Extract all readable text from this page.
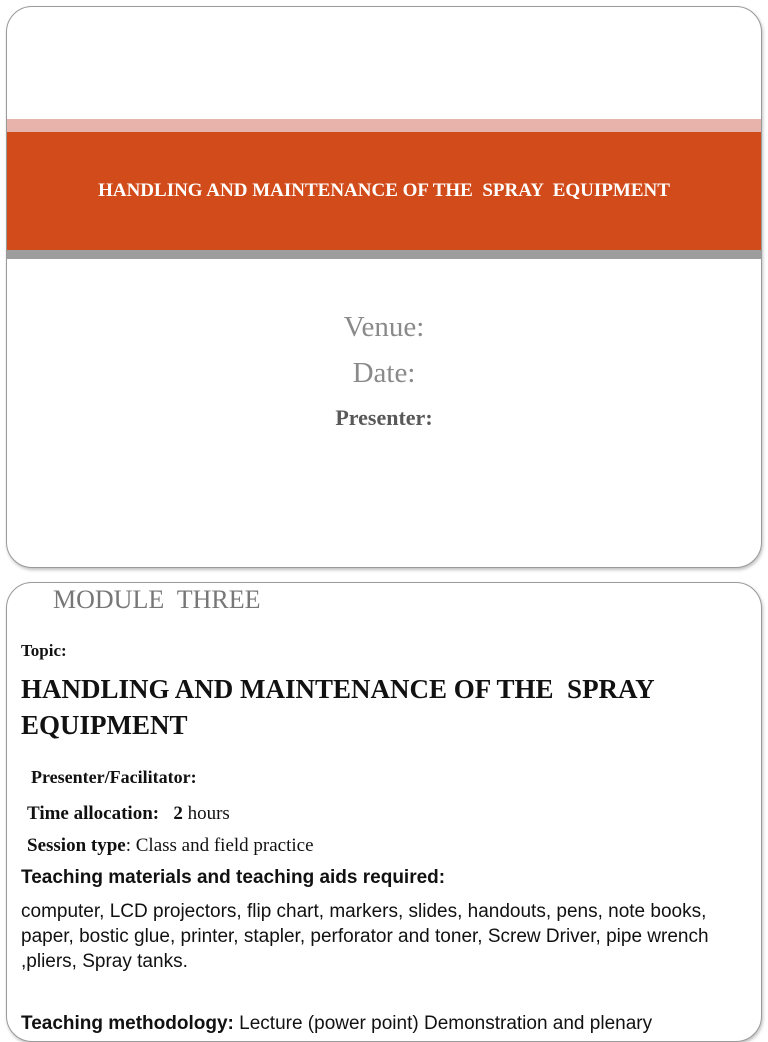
HANDLING AND MAINTENANCE OF THE  SPRAY  EQUIPMENT
Venue:
Date:
Presenter:
MODULE  THREE
Topic:
HANDLING AND MAINTENANCE OF THE  SPRAY EQUIPMENT
Presenter/Facilitator:
Time allocation: 2 hours
Session type: Class and field practice
Teaching materials and teaching aids required:
computer, LCD projectors, flip chart, markers, slides, handouts, pens, note books, paper, bostic glue, printer, stapler, perforator and toner, Screw Driver, pipe wrench ,pliers, Spray tanks.
Teaching methodology: Lecture (power point) Demonstration and plenary
